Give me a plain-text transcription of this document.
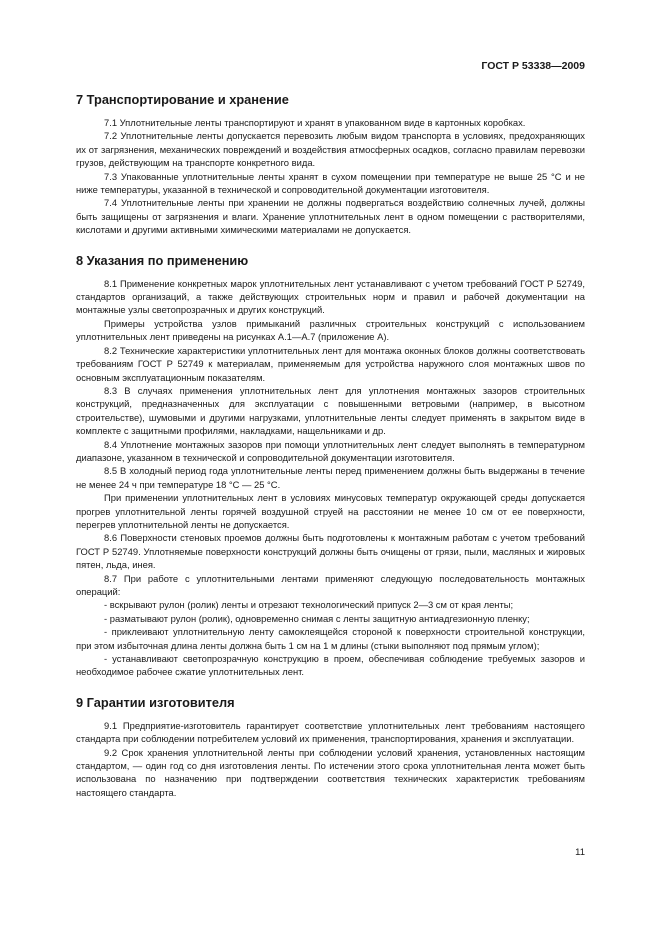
ГОСТ Р 53338—2009
7 Транспортирование и хранение

7.1 Уплотнительные ленты транспортируют и хранят в упакованном виде в картонных коробках.

7.2 Уплотнительные ленты допускается перевозить любым видом транспорта в условиях, предохраняющих их от загрязнения, механических повреждений и воздействия атмосферных осадков, согласно правилам перевозки грузов, действующим на транспорте конкретного вида.

7.3 Упакованные уплотнительные ленты хранят в сухом помещении при температуре не выше 25 °С и не ниже температуры, указанной в технической и сопроводительной документации изготовителя.

7.4 Уплотнительные ленты при хранении не должны подвергаться воздействию солнечных лучей, должны быть защищены от загрязнения и влаги. Хранение уплотнительных лент в одном помещении с растворителями, кислотами и другими активными химическими материалами не допускается.

8 Указания по применению

8.1 Применение конкретных марок уплотнительных лент устанавливают с учетом требований ГОСТ Р 52749, стандартов организаций, а также действующих строительных норм и правил и рабочей документации на монтажные узлы светопрозрачных и других конструкций.

Примеры устройства узлов примыканий различных строительных конструкций с использованием уплотнительных лент приведены на рисунках А.1—А.7 (приложение А).

8.2 Технические характеристики уплотнительных лент для монтажа оконных блоков должны соответствовать требованиям ГОСТ Р 52749 к материалам, применяемым для устройства наружного слоя монтажных швов по основным эксплуатационным показателям.

8.3 В случаях применения уплотнительных лент для уплотнения монтажных зазоров строительных конструкций, предназначенных для эксплуатации с повышенными ветровыми (например, в высотном строительстве), шумовыми и другими нагрузками, уплотнительные ленты следует применять в закрытом виде в комплекте с защитными профилями, накладками, нащельниками и др.

8.4 Уплотнение монтажных зазоров при помощи уплотнительных лент следует выполнять в температурном диапазоне, указанном в технической и сопроводительной документации изготовителя.

8.5 В холодный период года уплотнительные ленты перед применением должны быть выдержаны в течение не менее 24 ч при температуре 18 °С — 25 °С.

При применении уплотнительных лент в условиях минусовых температур окружающей среды допускается прогрев уплотнительной ленты горячей воздушной струей на расстоянии не менее 10 см от ее поверхности, перегрев уплотнительной ленты не допускается.

8.6 Поверхности стеновых проемов должны быть подготовлены к монтажным работам с учетом требований ГОСТ Р 52749. Уплотняемые поверхности конструкций должны быть очищены от грязи, пыли, масляных и жировых пятен, льда, инея.

8.7 При работе с уплотнительными лентами применяют следующую последовательность монтажных операций:

- вскрывают рулон (ролик) ленты и отрезают технологический припуск 2—3 см от края ленты;

- разматывают рулон (ролик), одновременно снимая с ленты защитную антиадгезионную пленку;

- приклеивают уплотнительную ленту самоклеящейся стороной к поверхности строительной конструкции, при этом избыточная длина ленты должна быть 1 см на 1 м длины (стыки выполняют под прямым углом);

- устанавливают светопрозрачную конструкцию в проем, обеспечивая соблюдение требуемых зазоров и необходимое рабочее сжатие уплотнительных лент.

9 Гарантии изготовителя

9.1 Предприятие-изготовитель гарантирует соответствие уплотнительных лент требованиям настоящего стандарта при соблюдении потребителем условий их применения, транспортирования, хранения и эксплуатации.

9.2 Срок хранения уплотнительной ленты при соблюдении условий хранения, установленных настоящим стандартом, — один год со дня изготовления ленты. По истечении этого срока уплотнительная лента может быть использована по назначению при подтверждении соответствия технических характеристик требованиям настоящего стандарта.

11
